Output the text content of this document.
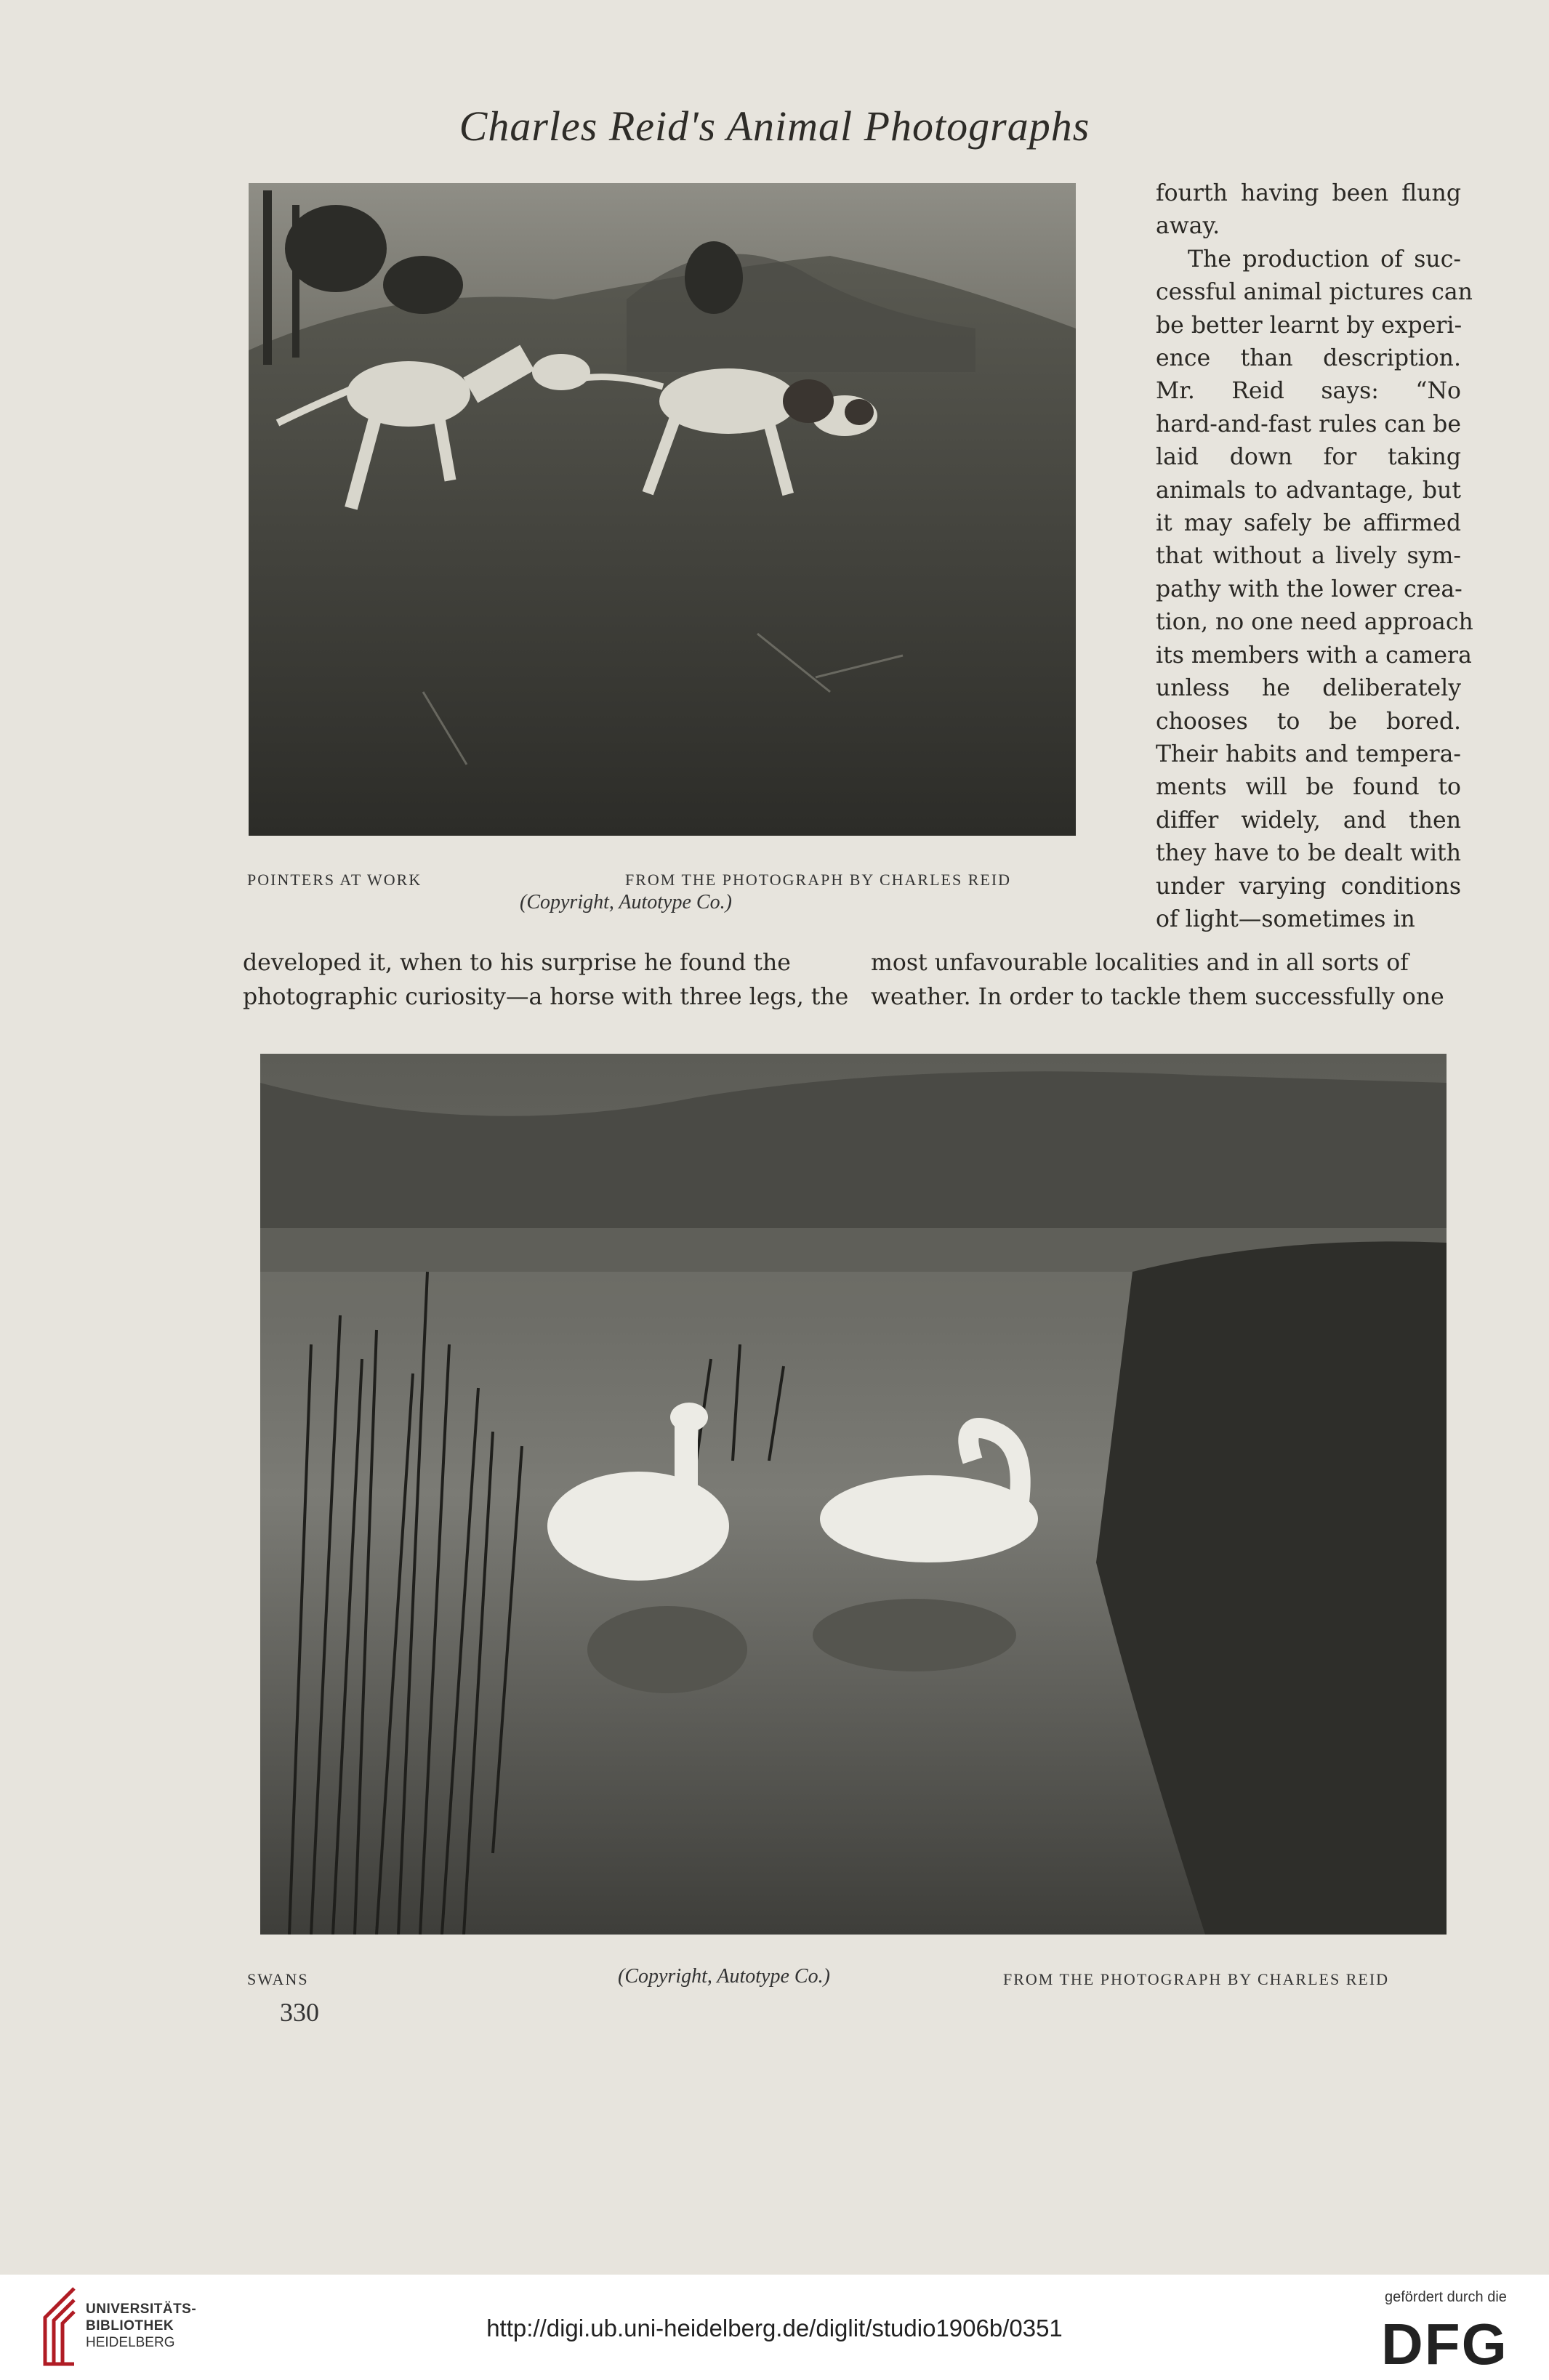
Charles Reid's Animal Photographs
POINTERS AT WORK	FROM THE PHOTOGRAPH BY CHARLES REID
(Copyright, Autotype Co.)
fourth having been flung
away.
The production of suc-
cessful animal pictures can
be better learnt by experi-
ence than description.
Mr. Reid says: “No
hard-and-fast rules can be
laid down for taking
animals to advantage, but
it may safely be affirmed
that without a lively sym-
pathy with the lower crea-
tion, no one need approach
its members with a camera
unless he deliberately
chooses to be bored.
Their habits and tempera-
ments will be found to
differ widely, and then
they have to be dealt with
under varying conditions
of light—sometimes in
developed it, when to his surprise he found the
photographic curiosity—a horse with three legs, the
most unfavourable localities and in all sorts of
weather. In order to tackle them successfully one
SWANS	(Copyright, Autotype Co.)	FROM THE PHOTOGRAPH BY CHARLES REID
330
UNIVERSITÄTS-
BIBLIOTHEK
HEIDELBERG
http://digi.ub.uni-heidelberg.de/diglit/studio1906b/0351
gefördert durch die
DFG
